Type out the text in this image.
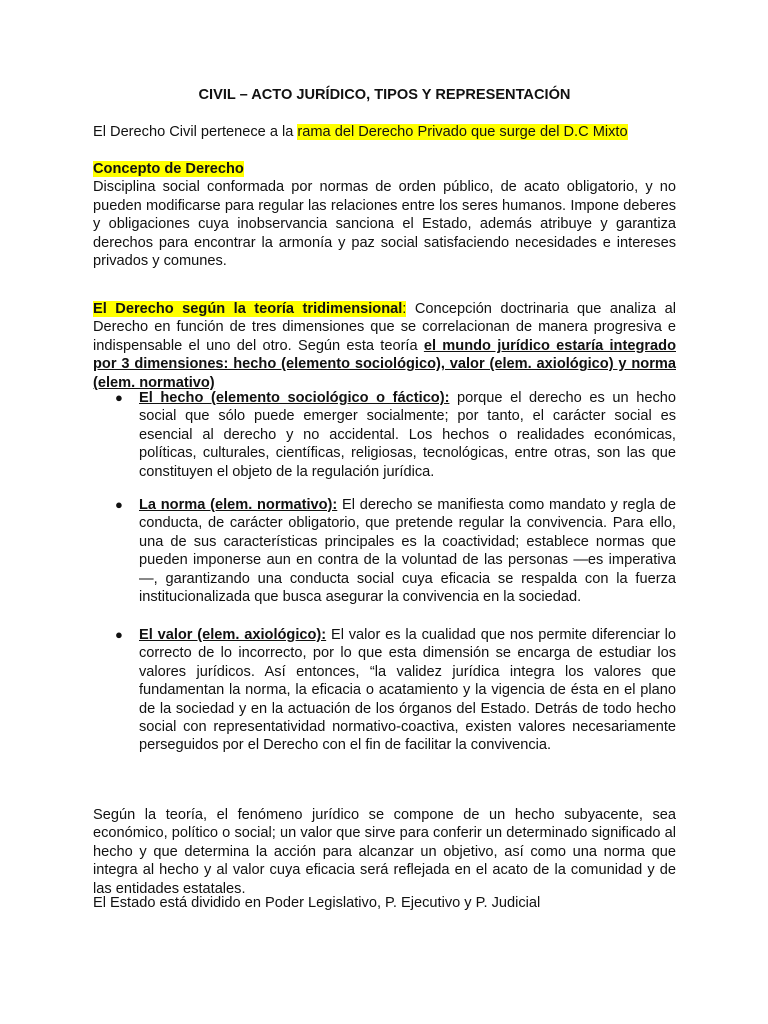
CIVIL – ACTO JURÍDICO, TIPOS Y REPRESENTACIÓN
El Derecho Civil pertenece a la rama del Derecho Privado que surge del D.C Mixto
Concepto de Derecho
Disciplina social conformada por normas de orden público, de acato obligatorio, y no pueden modificarse para regular las relaciones entre los seres humanos. Impone deberes y obligaciones cuya inobservancia sanciona el Estado, además atribuye y garantiza derechos para encontrar la armonía y paz social satisfaciendo necesidades e intereses privados y comunes.
El Derecho según la teoría tridimensional: Concepción doctrinaria que analiza al Derecho en función de tres dimensiones que se correlacionan de manera progresiva e indispensable el uno del otro. Según esta teoría el mundo jurídico estaría integrado por 3 dimensiones: hecho (elemento sociológico), valor (elem. axiológico) y norma (elem. normativo)
● El hecho (elemento sociológico o fáctico): porque el derecho es un hecho social que sólo puede emerger socialmente; por tanto, el carácter social es esencial al derecho y no accidental. Los hechos o realidades económicas, políticas, culturales, científicas, religiosas, tecnológicas, entre otras, son las que constituyen el objeto de la regulación jurídica.
● La norma (elem. normativo): El derecho se manifiesta como mandato y regla de conducta, de carácter obligatorio, que pretende regular la convivencia. Para ello, una de sus características principales es la coactividad; establece normas que pueden imponerse aun en contra de la voluntad de las personas —es imperativa—, garantizando una conducta social cuya eficacia se respalda con la fuerza institucionalizada que busca asegurar la convivencia en la sociedad.
● El valor (elem. axiológico): El valor es la cualidad que nos permite diferenciar lo correcto de lo incorrecto, por lo que esta dimensión se encarga de estudiar los valores jurídicos. Así entonces, “la validez jurídica integra los valores que fundamentan la norma, la eficacia o acatamiento y la vigencia de ésta en el plano de la sociedad y en la actuación de los órganos del Estado. Detrás de todo hecho social con representatividad normativo-coactiva, existen valores necesariamente perseguidos por el Derecho con el fin de facilitar la convivencia.
Según la teoría, el fenómeno jurídico se compone de un hecho subyacente, sea económico, político o social; un valor que sirve para conferir un determinado significado al hecho y que determina la acción para alcanzar un objetivo, así como una norma que integra al hecho y al valor cuya eficacia será reflejada en el acato de la comunidad y de las entidades estatales.
El Estado está dividido en Poder Legislativo, P. Ejecutivo y P. Judicial
